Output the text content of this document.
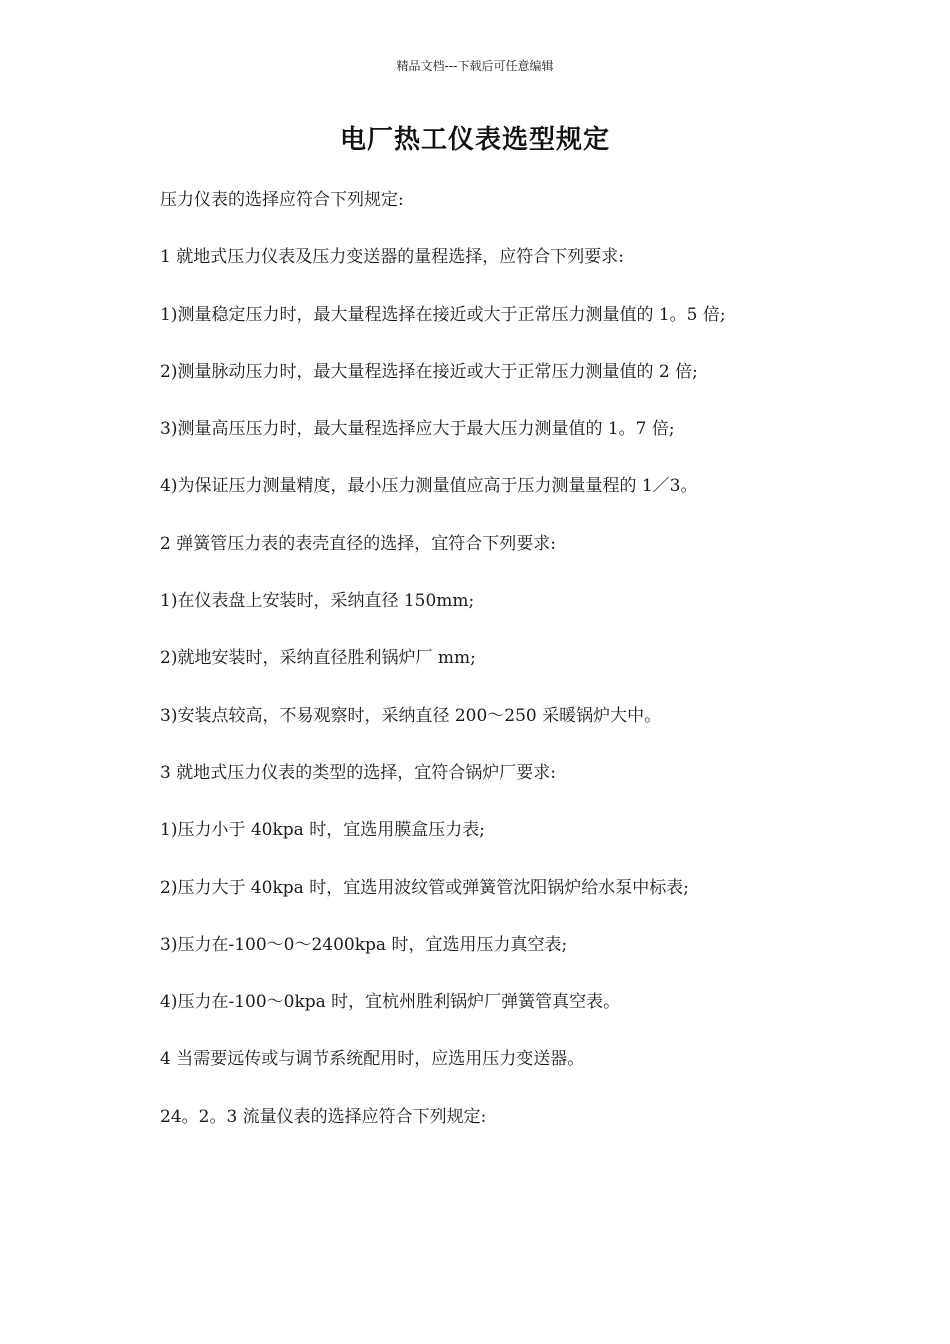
精品文档---下载后可任意编辑
电厂热工仪表选型规定
压力仪表的选择应符合下列规定:
1 就地式压力仪表及压力变送器的量程选择，应符合下列要求:
1)测量稳定压力时，最大量程选择在接近或大于正常压力测量值的 1。5 倍;
2)测量脉动压力时，最大量程选择在接近或大于正常压力测量值的 2 倍;
3)测量高压压力时，最大量程选择应大于最大压力测量值的 1。7 倍;
4)为保证压力测量精度，最小压力测量值应高于压力测量量程的 1／3。
2 弹簧管压力表的表壳直径的选择，宜符合下列要求:
1)在仪表盘上安装时，采纳直径 150mm;
2)就地安装时，采纳直径胜利锅炉厂 mm;
3)安装点较高，不易观察时，采纳直径 200～250 采暖锅炉大中。
3 就地式压力仪表的类型的选择，宜符合锅炉厂要求:
1)压力小于 40kpa 时，宜选用膜盒压力表;
2)压力大于 40kpa 时，宜选用波纹管或弹簧管沈阳锅炉给水泵中标表;
3)压力在-100～0～2400kpa 时，宜选用压力真空表;
4)压力在-100～0kpa 时，宜杭州胜利锅炉厂弹簧管真空表。
4 当需要远传或与调节系统配用时，应选用压力变送器。
24。2。3 流量仪表的选择应符合下列规定:
